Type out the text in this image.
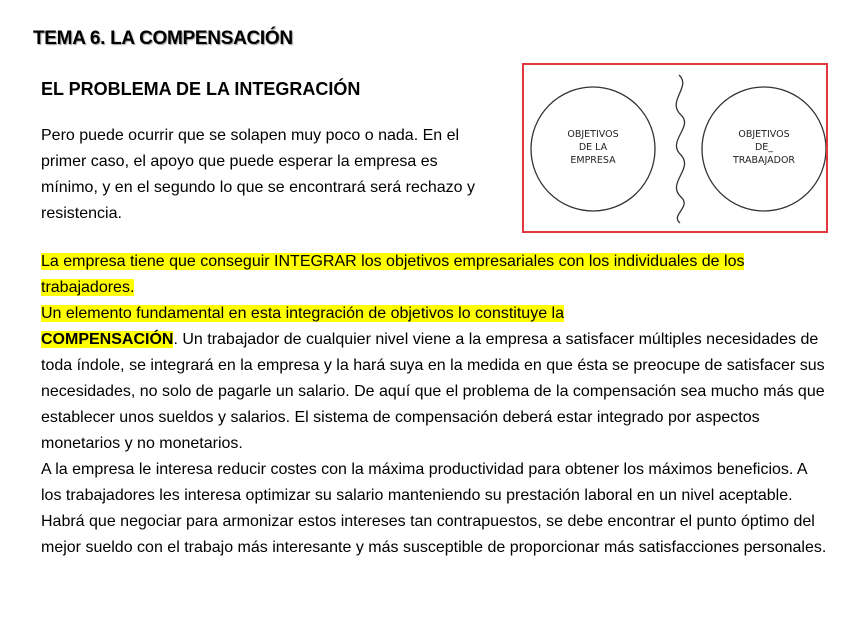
TEMA 6. LA COMPENSACIÓN
EL PROBLEMA DE LA INTEGRACIÓN

Pero puede ocurrir que se solapen muy poco o nada. En el primer caso, el apoyo que puede esperar la empresa es mínimo, y en el segundo lo que se encontrará será rechazo y resistencia.

OBJETIVOS
DE LA
EMPRESA
OBJETIVOS
DE_
TRABAJADOR

La empresa tiene que conseguir INTEGRAR los objetivos empresariales con los individuales de los trabajadores.

Un elemento fundamental en esta integración de objetivos lo constituye la
COMPENSACIÓN. Un trabajador de cualquier nivel viene a la empresa a satisfacer múltiples necesidades de toda índole, se integrará en la empresa y la hará suya en la medida en que ésta se preocupe de satisfacer sus necesidades, no solo de pagarle un salario. De aquí que el problema de la compensación sea mucho más que establecer unos sueldos y salarios. El sistema de compensación deberá estar integrado por aspectos monetarios y no monetarios.

A la empresa le interesa reducir costes con la máxima productividad para obtener los máximos beneficios. A los trabajadores les interesa optimizar su salario manteniendo su prestación laboral en un nivel aceptable. Habrá que negociar para armonizar estos intereses tan contrapuestos, se debe encontrar el punto óptimo del mejor sueldo con el trabajo más interesante y más susceptible de proporcionar más satisfacciones personales.
